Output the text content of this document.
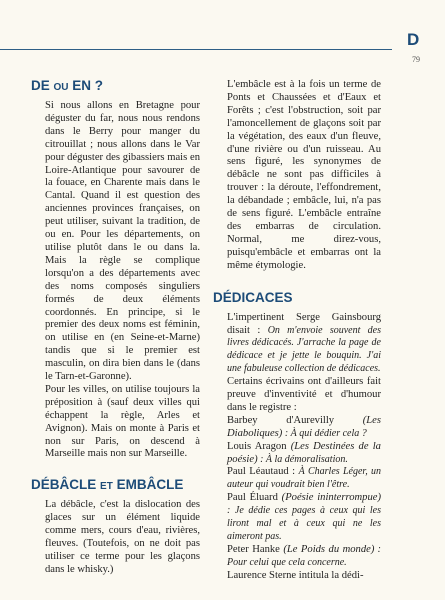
D
79
DE OU EN ?

Si nous allons en Bretagne pour déguster du far, nous nous rendons dans le Berry pour manger du citrouillat ; nous allons dans le Var pour déguster des gibassiers mais en Loire-Atlantique pour savourer de la fouace, en Charente mais dans le Cantal. Quand il est question des anciennes provinces françaises, on peut utiliser, suivant la tradition, de ou en. Pour les départements, on utilise plutôt dans le ou dans la. Mais la règle se complique lorsqu'on a des départements avec des noms composés singuliers formés de deux éléments coordonnés. En principe, si le premier des deux noms est féminin, on utilise en (en Seine-et-Marne) tandis que si le premier est masculin, on dira bien dans le (dans le Tarn-et-Garonne).

Pour les villes, on utilise toujours la préposition à (sauf deux villes qui échappent la règle, Arles et Avignon). Mais on monte à Paris et non sur Paris, on descend à Marseille mais non sur Marseille.

DÉBÂCLE ET EMBÂCLE

La débâcle, c'est la dislocation des glaces sur un élément liquide comme mers, cours d'eau, rivières, fleuves. (Toutefois, on ne doit pas utiliser ce terme pour les glaçons dans le whisky.)

L'embâcle est à la fois un terme de Ponts et Chaussées et d'Eaux et Forêts ; c'est l'obstruction, soit par l'amoncellement de glaçons soit par la végétation, des eaux d'un fleuve, d'une rivière ou d'un ruisseau. Au sens figuré, les synonymes de débâcle ne sont pas difficiles à trouver : la déroute, l'effondrement, la débandade ; embâcle, lui, n'a pas de sens figuré. L'embâcle entraîne des embarras de circulation. Normal, me direz-vous, puisqu'embâcle et embarras ont la même étymologie.

DÉDICACES

L'impertinent Serge Gainsbourg disait : On m'envoie souvent des livres dédicacés. J'arrache la page de dédicace et je jette le bouquin. J'ai une fabuleuse collection de dédicaces.

Certains écrivains ont d'ailleurs fait preuve d'inventivité et d'humour dans le registre :

Barbey d'Aurevilly (Les Diaboliques) : À qui dédier cela ?

Louis Aragon (Les Destinées de la poésie) : À la démoralisation.

Paul Léautaud : À Charles Léger, un auteur qui voudrait bien l'être.

Paul Éluard (Poésie ininterrompue) : Je dédie ces pages à ceux qui les liront mal et à ceux qui ne les aimeront pas.

Peter Hanke (Le Poids du monde) : Pour celui que cela concerne.

Laurence Sterne intitula la dédi-
